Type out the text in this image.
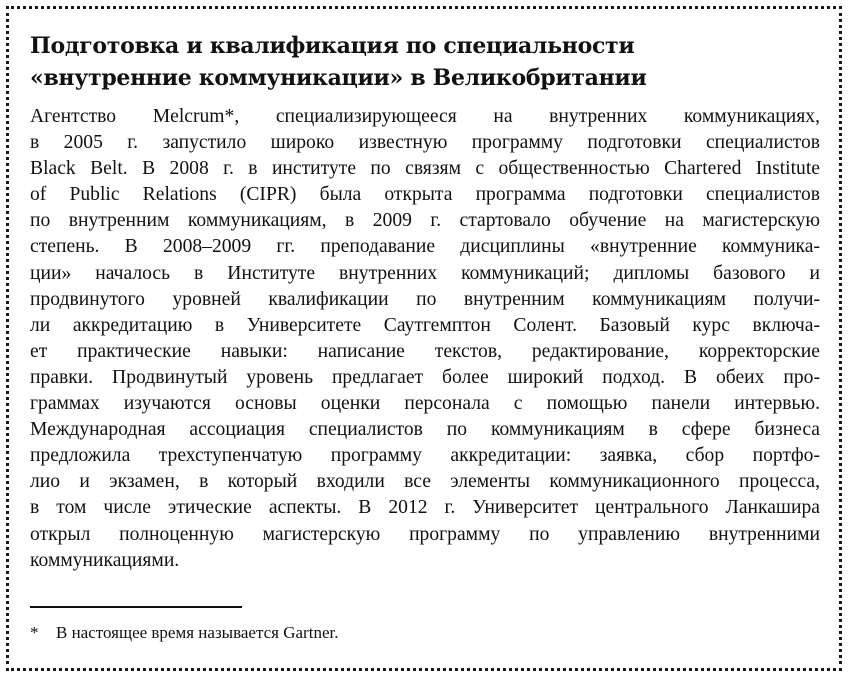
Подготовка и квалификация по специальности
«внутренние коммуникации» в Великобритании
Агентство Melcrum*, специализирующееся на внутренних коммуникациях,
в 2005 г. запустило широко известную программу подготовки специалистов
Black Belt. В 2008 г. в институте по связям с общественностью Chartered Institute
of Public Relations (CIPR) была открыта программа подготовки специалистов
по внутренним коммуникациям, в 2009 г. стартовало обучение на магистерскую
степень. В 2008–2009 гг. преподавание дисциплины «внутренние коммуника-
ции» началось в Институте внутренних коммуникаций; дипломы базового и
продвинутого уровней квалификации по внутренним коммуникациям получи-
ли аккредитацию в Университете Саутгемптон Солент. Базовый курс включа-
ет практические навыки: написание текстов, редактирование, корректорские
правки. Продвинутый уровень предлагает более широкий подход. В обеих про-
граммах изучаются основы оценки персонала с помощью панели интервью.
Международная ассоциация специалистов по коммуникациям в сфере бизнеса
предложила трехступенчатую программу аккредитации: заявка, сбор портфо-
лио и экзамен, в который входили все элементы коммуникационного процесса,
в том числе этические аспекты. В 2012 г. Университет центрального Ланкашира
открыл полноценную магистерскую программу по управлению внутренними
коммуникациями.
* В настоящее время называется Gartner.
